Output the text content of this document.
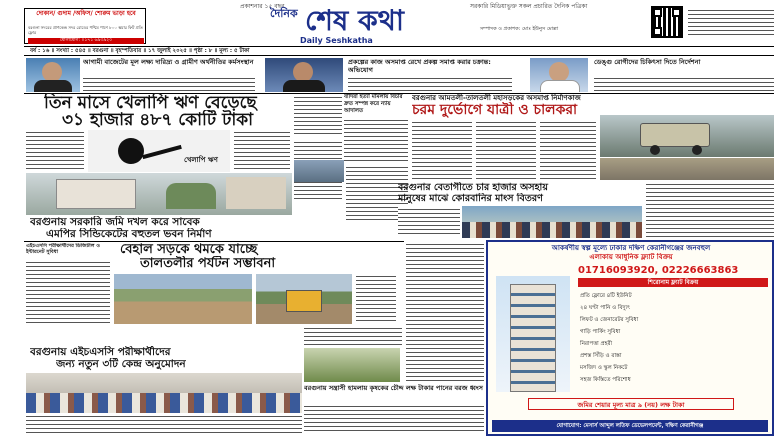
প্রকাশনার ১৫ বছর	সরকারি মিডিয়াভুক্ত সকল প্রচারিত দৈনিক পত্রিকা
দোকান/ গুদাম /অফিস/ শোরুম ভাড়া হবে
বরগুনা সদরের প্রাণকেন্দ্র সদর রোডের পশ্চিম পাশে ৮০০ স্কয়ার ফিট প্রতি ফ্লোর
যোগাযোগ: ০১৭১ ৬৯৩৯২০
দৈনিক শেষ কথা
Daily Seshkatha
সম্পাদক ও প্রকাশক: মোঃ ইউনুস মোল্লা
বর্ষ : ১৬ ॥ সংখ্যা : ৫৪৫ ॥ বরগুনা ॥ বৃহস্পতিবার ॥ ১৭ জুলাই ২০২৫ ॥ পৃষ্ঠা : ৮ ॥ মূল্য : ৫ টাকা
আগামী বাজেটের মূল লক্ষ্য দারিদ্র্য ও গ্রামীণ অর্থনীতির কর্মসংস্থান	প্রকল্পের কাজ অসমাপ্ত রেখে প্রকল্প সমাপ্ত করার চক্রান্ত: অভিযোগ
ডেঙ্গু রোগীদের চিকিৎসা দিতে নির্দেশনা
তিন মাসে খেলাপি ঋণ বেড়েছে
৩১ হাজার ৪৮৭ কোটি টাকা
খেলাপি ঋণ
বরগুনায় সরকারি জমি দখল করে সাবেক
এমপির সিন্ডিকেটের বহুতল ভবন নির্মাণ
বাদিরা হত্যা মামলায় বিচার দ্রুত সম্পন্ন করে ন্যায় আদালত
বরগুনার আমতলী-তালতলী মহাসড়কের অসমাপ্ত নির্মাণকাজ
চরম দুর্ভোগে যাত্রী ও চালকরা
বরগুনার বেতাগীতে চার হাজার অসহায়
মানুষের মাঝে কোরবানির মাংস বিতরণ
এইচএসসি পরীক্ষার্থীদের ডিজিটাল ও ইন্টারনেট সুবিধা	বেহাল সড়কে থমকে যাচ্ছে
তালতলীর পর্যটন সম্ভাবনা
বরগুনায় এইচএসসি পরীক্ষার্থীদের
জন্য নতুন ৩টি কেন্দ্র অনুমোদন
বরগুনায় সন্ত্রাসী হামলায় কৃষকের চৌদ্দ লক্ষ টাকার পানের বরজ ধ্বংস
আকর্ষণীয় স্বল্প মূল্যে ঢাকার দক্ষিণ কেরানীগঞ্জের জনবহুল
এলাকায় আধুনিক ফ্ল্যাট বিক্রয়
01716093920, 02226663863
শিরোনাম ফ্ল্যাট বিক্রয়
প্রতি ফ্লোরে ৪টি ইউনিট
২৪ ঘণ্টা পানি ও বিদ্যুৎ
লিফট ও জেনারেটর সুবিধা
গাড়ি পার্কিং সুবিধা
নিরাপত্তা প্রহরী
প্রশস্ত সিঁড়ি ও রাস্তা
মসজিদ ও স্কুল নিকটে
সহজ কিস্তিতে পরিশোধ
জমির শেয়ার মূল্য মাত্র ৯ (নয়) লক্ষ টাকা
যোগাযোগ: মেসার্স আব্দুল লতিফ ডেভেলপমেন্ট, দক্ষিণ কেরানীগঞ্জ
